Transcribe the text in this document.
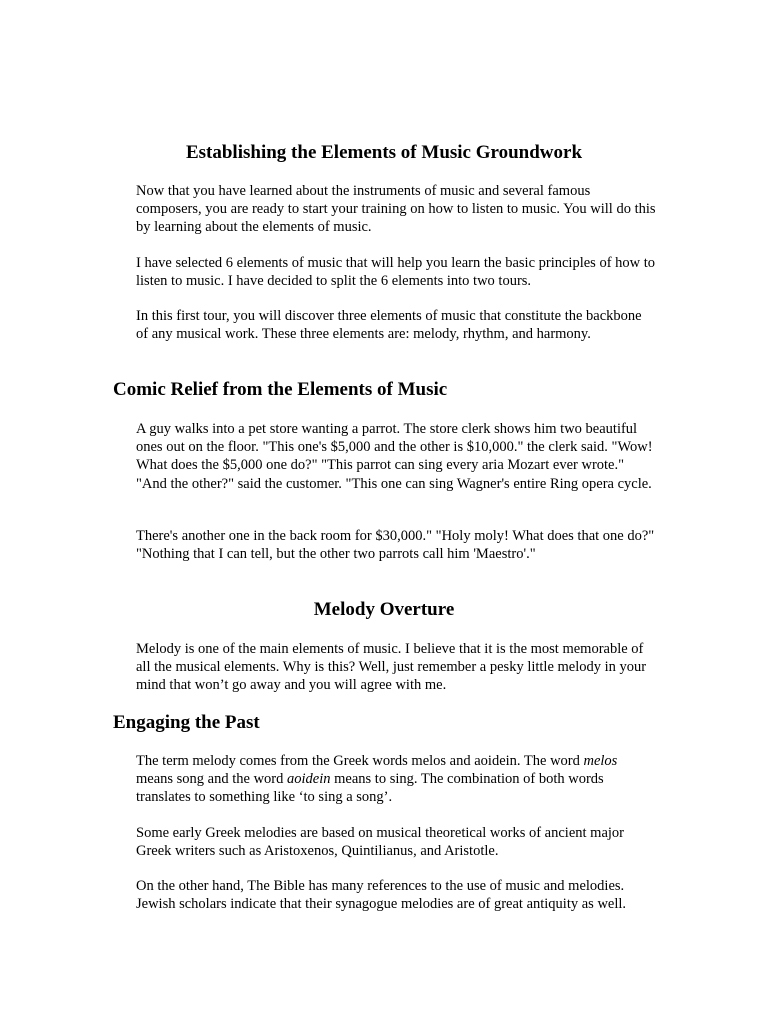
Establishing the Elements of Music Groundwork

Now that you have learned about the instruments of music and several famous composers, you are ready to start your training on how to listen to music. You will do this by learning about the elements of music.

I have selected 6 elements of music that will help you learn the basic principles of how to listen to music. I have decided to split the 6 elements into two tours.

In this first tour, you will discover three elements of music that constitute the backbone of any musical work. These three elements are: melody, rhythm, and harmony.

Comic Relief from the Elements of Music

A guy walks into a pet store wanting a parrot. The store clerk shows him two beautiful ones out on the floor. "This one's $5,000 and the other is $10,000." the clerk said. "Wow! What does the $5,000 one do?" "This parrot can sing every aria Mozart ever wrote." "And the other?" said the customer. "This one can sing Wagner's entire Ring opera cycle.

There's another one in the back room for $30,000." "Holy moly! What does that one do?" "Nothing that I can tell, but the other two parrots call him 'Maestro'."

Melody Overture

Melody is one of the main elements of music. I believe that it is the most memorable of all the musical elements. Why is this? Well, just remember a pesky little melody in your mind that won’t go away and you will agree with me.

Engaging the Past

The term melody comes from the Greek words melos and aoidein. The word melos means song and the word aoidein means to sing. The combination of both words translates to something like ‘to sing a song’.

Some early Greek melodies are based on musical theoretical works of ancient major Greek writers such as Aristoxenos, Quintilianus, and Aristotle.

On the other hand, The Bible has many references to the use of music and melodies. Jewish scholars indicate that their synagogue melodies are of great antiquity as well.
